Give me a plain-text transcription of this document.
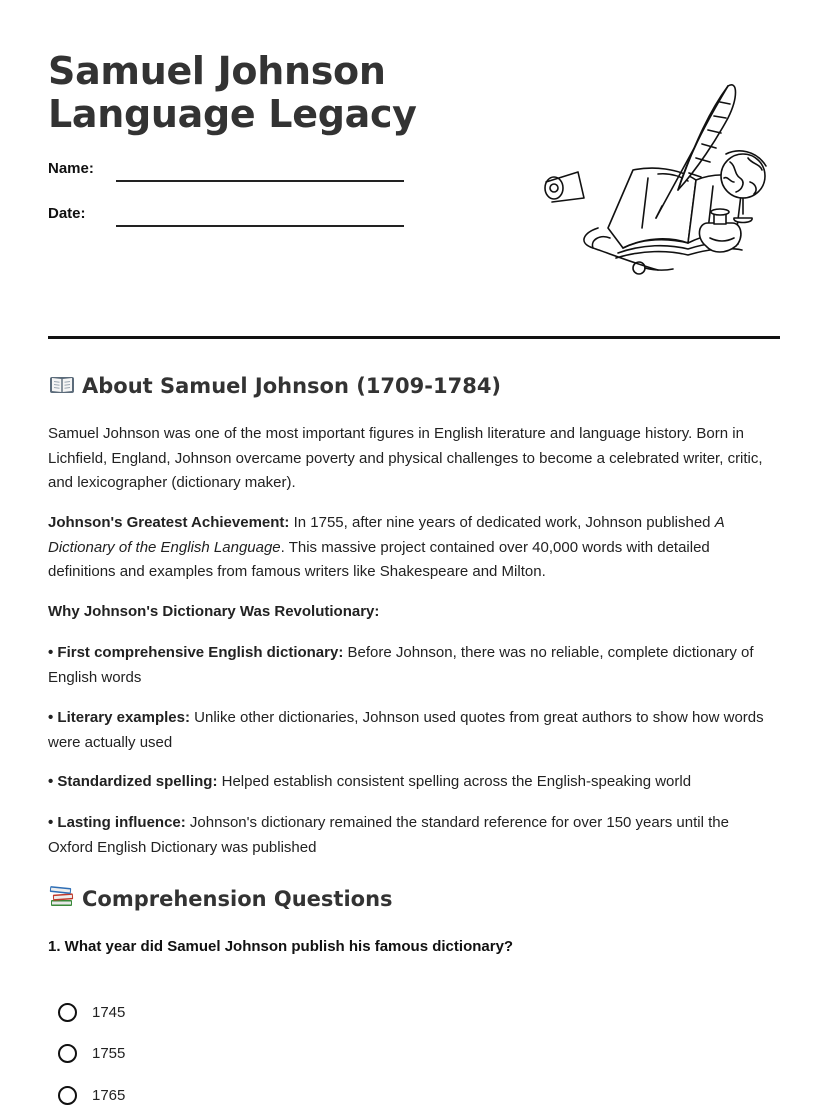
Samuel Johnson
Language Legacy
Name:
Date:
About Samuel Johnson (1709-1784)

Samuel Johnson was one of the most important figures in English literature and language history. Born in Lichfield, England, Johnson overcame poverty and physical challenges to become a celebrated writer, critic, and lexicographer (dictionary maker).

Johnson's Greatest Achievement: In 1755, after nine years of dedicated work, Johnson published A Dictionary of the English Language. This massive project contained over 40,000 words with detailed definitions and examples from famous writers like Shakespeare and Milton.

Why Johnson's Dictionary Was Revolutionary:

• First comprehensive English dictionary: Before Johnson, there was no reliable, complete dictionary of English words

• Literary examples: Unlike other dictionaries, Johnson used quotes from great authors to show how words were actually used

• Standardized spelling: Helped establish consistent spelling across the English-speaking world

• Lasting influence: Johnson's dictionary remained the standard reference for over 150 years until the Oxford English Dictionary was published

Comprehension Questions
1. What year did Samuel Johnson publish his famous dictionary?
1745
1755
1765
